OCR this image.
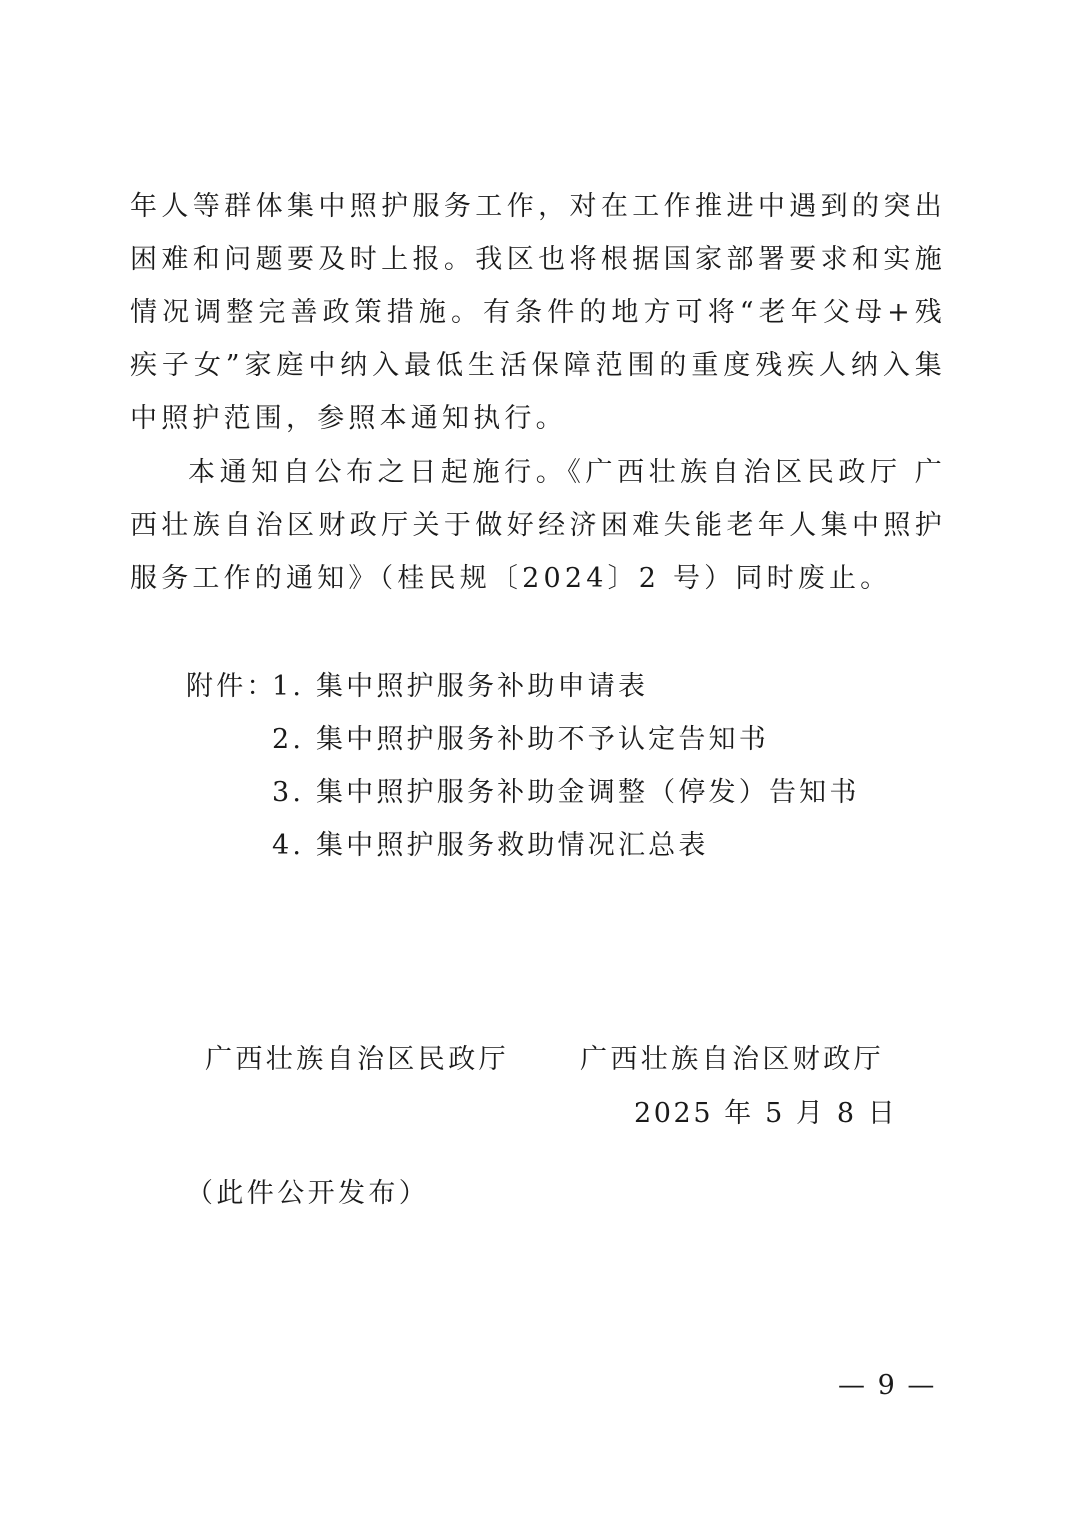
年人等群体集中照护服务工作，对在工作推进中遇到的突出困难和问题要及时上报。我区也将根据国家部署要求和实施情况调整完善政策措施。有条件的地方可将“老年父母+残疾子女”家庭中纳入最低生活保障范围的重度残疾人纳入集中照护范围，参照本通知执行。

本通知自公布之日起施行。《广西壮族自治区民政厅 广西壮族自治区财政厅关于做好经济困难失能老年人集中照护服务工作的通知》（桂民规〔2024〕2 号）同时废止。

附件：
1. 集中照护服务补助申请表
2. 集中照护服务补助不予认定告知书
3. 集中照护服务补助金调整（停发）告知书
4. 集中照护服务救助情况汇总表
广西壮族自治区民政厅	广西壮族自治区财政厅
2025 年 5 月 8 日
（此件公开发布）
— 9 —
